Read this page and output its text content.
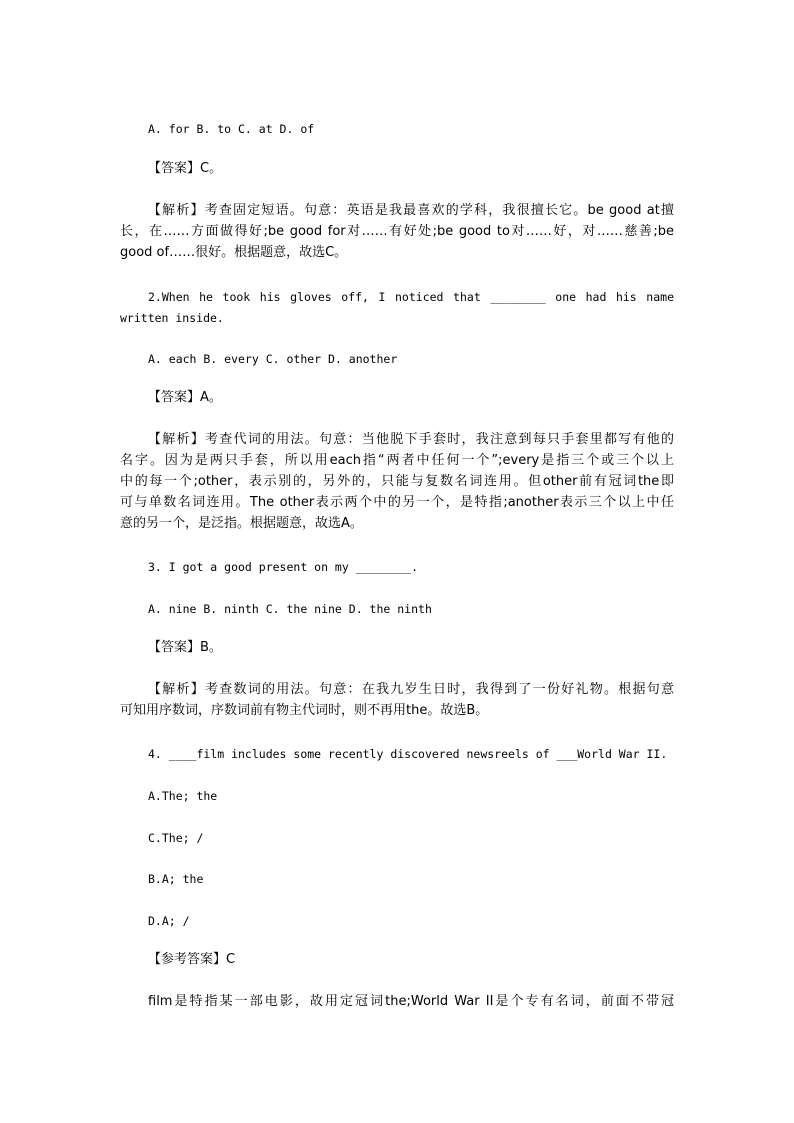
A. for B. to C. at D. of
【答案】C。
【解析】考查固定短语。句意：英语是我最喜欢的学科，我很擅长它。be good at擅
长，在……方面做得好;be good for对……有好处;be good to对……好，对……慈善;be
good of……很好。根据题意，故选C。
2.When he took his gloves off, I noticed that ________ one had his name
written inside.
A. each B. every C. other D. another
【答案】A。
【解析】考查代词的用法。句意：当他脱下手套时，我注意到每只手套里都写有他的
名字。因为是两只手套，所以用each指“两者中任何一个”;every是指三个或三个以上
中的每一个;other，表示别的，另外的，只能与复数名词连用。但other前有冠词the即
可与单数名词连用。The other表示两个中的另一个，是特指;another表示三个以上中任
意的另一个，是泛指。根据题意，故选A。
3. I got a good present on my ________.
A. nine B. ninth C. the nine D. the ninth
【答案】B。
【解析】考查数词的用法。句意：在我九岁生日时，我得到了一份好礼物。根据句意
可知用序数词，序数词前有物主代词时，则不再用the。故选B。
4. ____film includes some recently discovered newsreels of ___World War II.
A.The; the
C.The; /
B.A; the
D.A; /
【参考答案】C
film是特指某一部电影，故用定冠词the;World War II是个专有名词，前面不带冠
